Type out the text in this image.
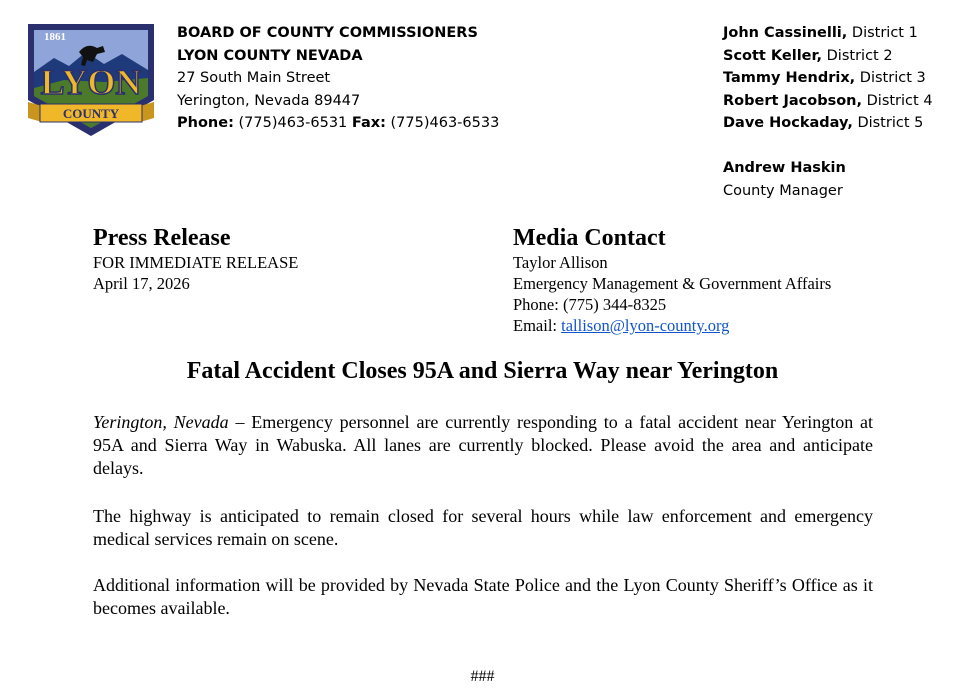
1861
LYON
COUNTY
BOARD OF COUNTY COMMISSIONERS
LYON COUNTY NEVADA
27 South Main Street
Yerington, Nevada 89447
Phone: (775)463-6531 Fax: (775)463-6533
John Cassinelli, District 1
Scott Keller, District 2
Tammy Hendrix, District 3
Robert Jacobson, District 4
Dave Hockaday, District 5
Andrew Haskin
County Manager
Press Release
FOR IMMEDIATE RELEASE
April 17, 2026
Media Contact
Taylor Allison
Emergency Management & Government Affairs
Phone: (775) 344-8325
Email: tallison@lyon-county.org
Fatal Accident Closes 95A and Sierra Way near Yerington
Yerington, Nevada – Emergency personnel are currently responding to a fatal accident near Yerington at 95A and Sierra Way in Wabuska. All lanes are currently blocked. Please avoid the area and anticipate delays.
The highway is anticipated to remain closed for several hours while law enforcement and emergency medical services remain on scene.
Additional information will be provided by Nevada State Police and the Lyon County Sheriff’s Office as it becomes available.
###
